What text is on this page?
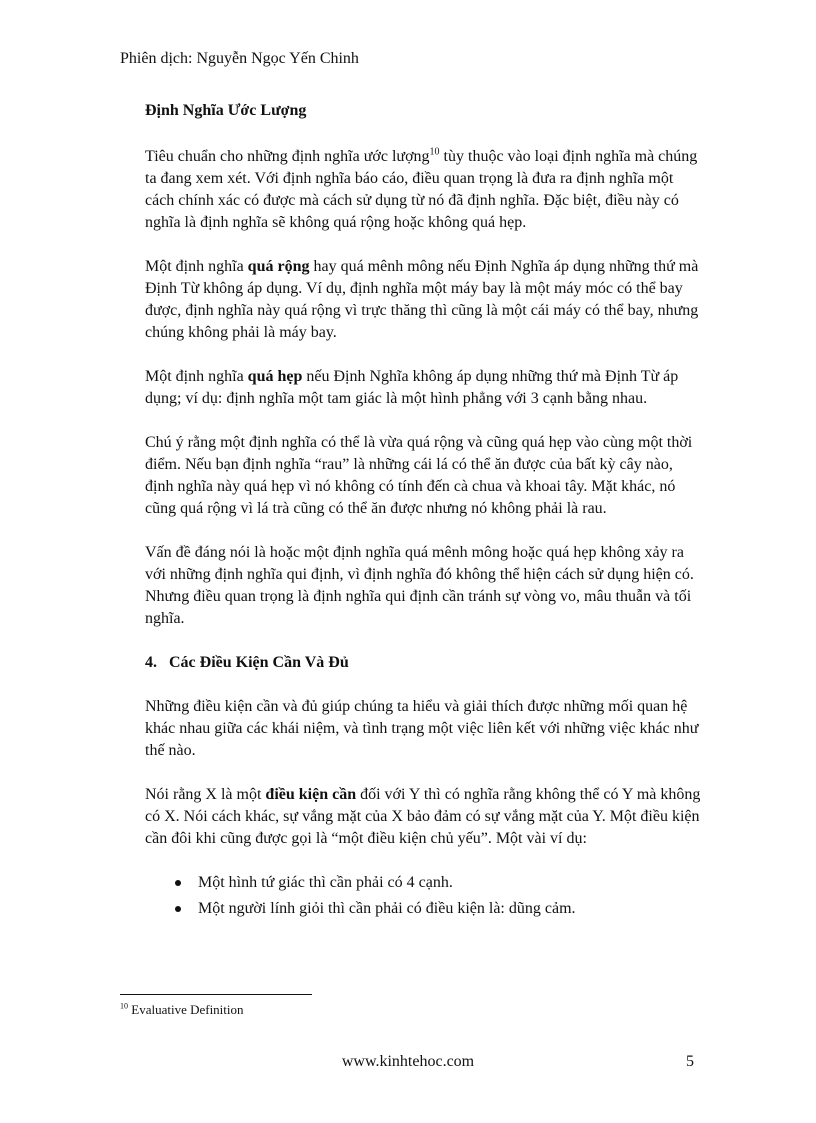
Phiên dịch: Nguyễn Ngọc Yến Chinh
Định Nghĩa Ước Lượng

Tiêu chuẩn cho những định nghĩa ước lượng$^{10}$ tùy thuộc vào loại định nghĩa mà chúng ta đang xem xét. Với định nghĩa báo cáo, điều quan trọng là đưa ra định nghĩa một cách chính xác có được mà cách sử dụng từ nó đã định nghĩa. Đặc biệt, điều này có nghĩa là định nghĩa sẽ không quá rộng hoặc không quá hẹp.

Một định nghĩa quá rộng hay quá mênh mông nếu Định Nghĩa áp dụng những thứ mà Định Từ không áp dụng. Ví dụ, định nghĩa một máy bay là một máy móc có thể bay được, định nghĩa này quá rộng vì trực thăng thì cũng là một cái máy có thể bay, nhưng chúng không phải là máy bay.

Một định nghĩa quá hẹp nếu Định Nghĩa không áp dụng những thứ mà Định Từ áp dụng; ví dụ: định nghĩa một tam giác là một hình phẳng với 3 cạnh bằng nhau.

Chú ý rằng một định nghĩa có thể là vừa quá rộng và cũng quá hẹp vào cùng một thời điểm. Nếu bạn định nghĩa “rau” là những cái lá có thể ăn được của bất kỳ cây nào, định nghĩa này quá hẹp vì nó không có tính đến cà chua và khoai tây. Mặt khác, nó cũng quá rộng vì lá trà cũng có thể ăn được nhưng nó không phải là rau.

Vấn đề đáng nói là hoặc một định nghĩa quá mênh mông hoặc quá hẹp không xảy ra với những định nghĩa qui định, vì định nghĩa đó không thể hiện cách sử dụng hiện có. Nhưng điều quan trọng là định nghĩa qui định cần tránh sự vòng vo, mâu thuẫn và tối nghĩa.

4. Các Điều Kiện Cần Và Đủ

Những điều kiện cần và đủ giúp chúng ta hiểu và giải thích được những mối quan hệ khác nhau giữa các khái niệm, và tình trạng một việc liên kết với những việc khác như thế nào.

Nói rằng X là một điều kiện cần đối với Y thì có nghĩa rằng không thể có Y mà không có X. Nói cách khác, sự vắng mặt của X bảo đảm có sự vắng mặt của Y. Một điều kiện cần đôi khi cũng được gọi là “một điều kiện chủ yếu”. Một vài ví dụ:

Một hình tứ giác thì cần phải có 4 cạnh.
Một người lính giỏi thì cần phải có điều kiện là: dũng cảm.
$^{10}$ Evaluative Definition
www.kinhtehoc.com	5
